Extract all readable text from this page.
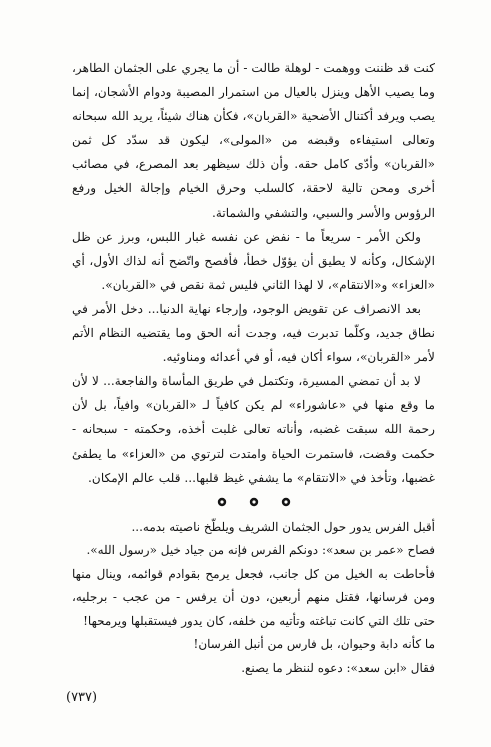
كنت قد ظننت ووهمت - لوهلة طالت - أن ما يجري على الجثمان الطاهر، وما يصيب الأهل وينزل بالعيال من استمرار المصيبة ودوام الأشجان، إنما يصب ويرفد أكتنال الأضحية «القربان»، فكأن هناك شيئاً، يريد الله سبحانه وتعالى استيفاءه وقبضه من «المولى»، ليكون قد سدّد كل ثمن «القربان» وأدّى كامل حقه. وأن ذلك سيظهر بعد المصرع، في مصائب أخرى ومحن تالية لاحقة، كالسلب وحرق الخيام وإجالة الخيل ورفع الرؤوس والأسر والسبي، والتشفي والشماتة.

ولكن الأمر - سريعاً ما - نفض عن نفسه غبار اللبس، وبرز عن ظل الإشكال، وكأنه لا يطيق أن يؤوّل خطأ، فأفصح واتّضح أنه لذاك الأول، أي «العزاء» و«الانتقام»، لا لهذا الثاني فليس ثمة نقص في «القربان».

بعد الانصراف عن تقويض الوجود، وإرجاء نهاية الدنيا... دخل الأمر في نطاق جديد، وكلّما تدبرت فيه، وجدت أنه الحق وما يقتضيه النظام الأتم لأمر «القربان»، سواء أكان فيه، أو في أعدائه ومناوئيه.

لا بد أن تمضي المسيرة، وتكتمل في طريق المأساة والفاجعة... لا لأن ما وقع منها في «عاشوراء» لم يكن كافياً لـ «القربان» وافياً، بل لأن رحمة الله سبقت غضبه، وأناته تعالى غلبت أخذه، وحكمته - سبحانه - حكمت وقضت، فاستمرت الحياة وامتدت لترتوي من «العزاء» ما يطفئ غضبها، وتأخذ في «الانتقام» ما يشفي غيظ قلبها... قلب عالم الإمكان.

أقبل الفرس يدور حول الجثمان الشريف ويلطّخ ناصيته بدمه...

فصاح «عمر بن سعد»: دونكم الفرس فإنه من جياد خيل «رسول الله».

فأحاطت به الخيل من كل جانب، فجعل يرمح بقوادم قوائمه، وينال منها ومن فرسانها، فقتل منهم أربعين، دون أن يرفس - من عجب - برجليه، حتى تلك التي كانت تباغته وتأتيه من خلفه، كان يدور فيستقبلها ويرمحها!

ما كأنه دابة وحيوان، بل فارس من أنبل الفرسان!

فقال «ابن سعد»: دعوه لننظر ما يصنع.

(٧٣٧)
